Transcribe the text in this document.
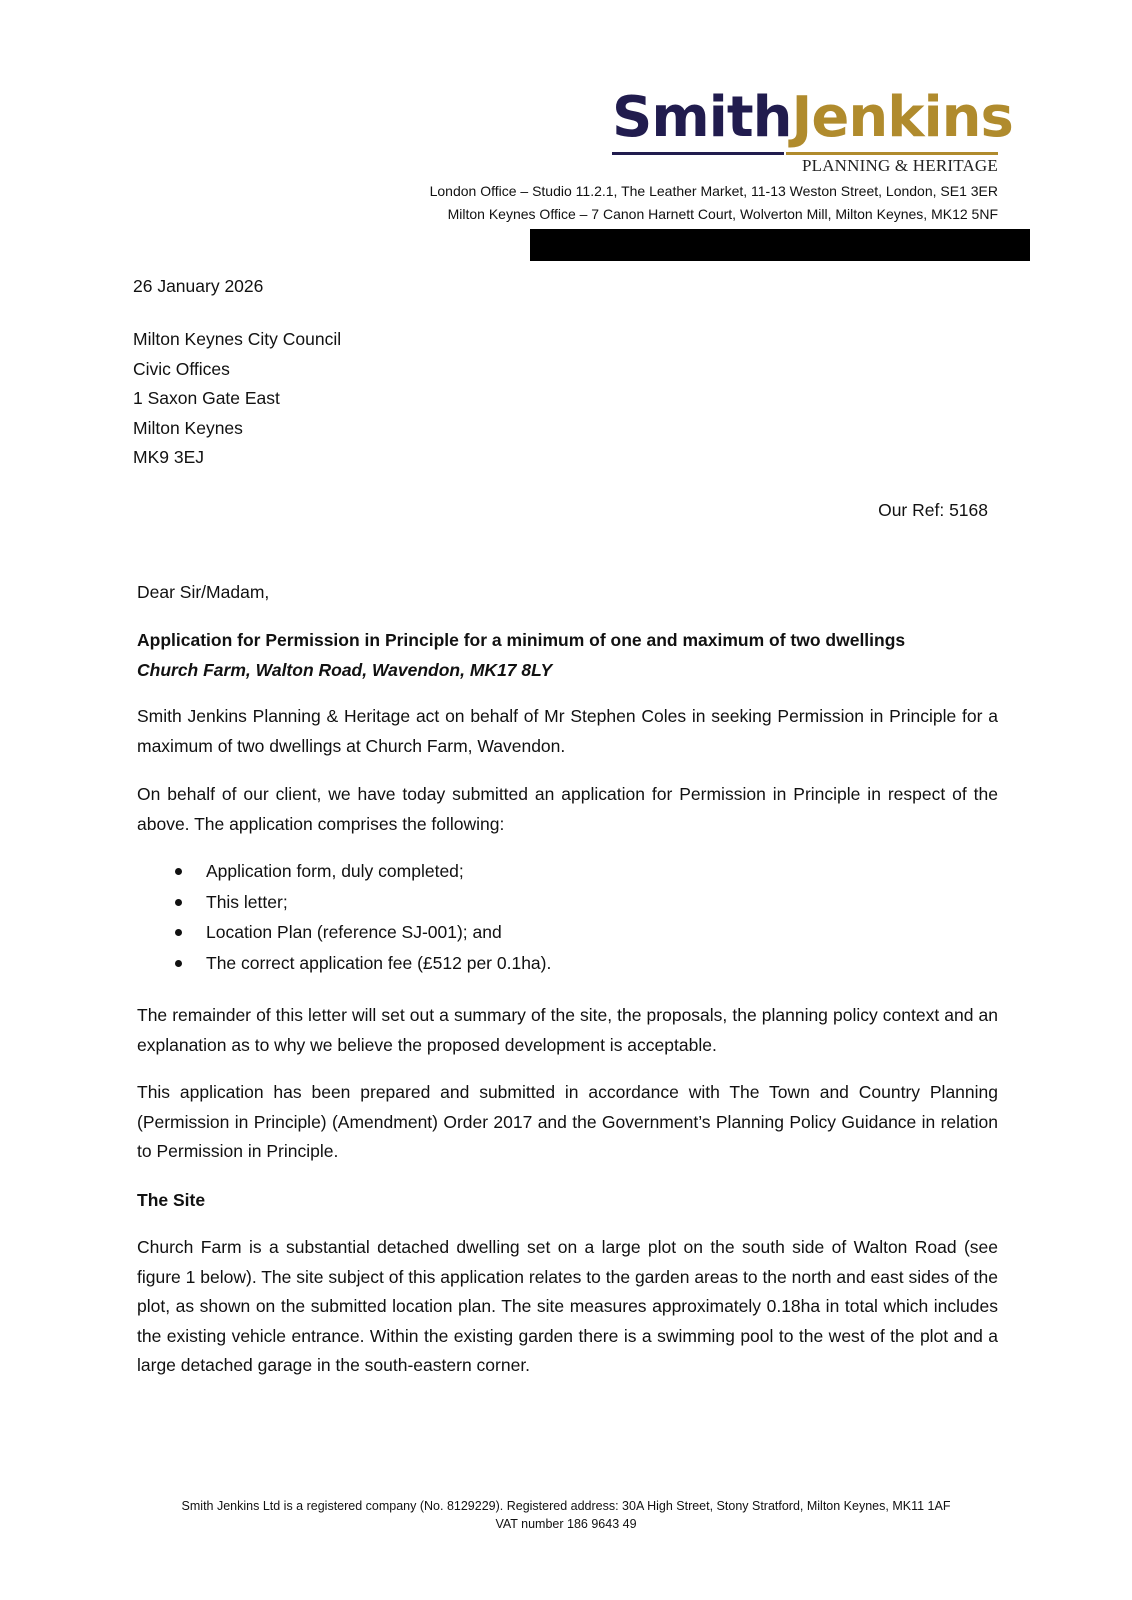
SmithJenkins
PLANNING & HERITAGE
London Office – Studio 11.2.1, The Leather Market, 11-13 Weston Street, London, SE1 3ER
Milton Keynes Office – 7 Canon Harnett Court, Wolverton Mill, Milton Keynes, MK12 5NF
26 January 2026
Milton Keynes City Council
Civic Offices
1 Saxon Gate East
Milton Keynes
MK9 3EJ
Our Ref: 5168
Dear Sir/Madam,
Application for Permission in Principle for a minimum of one and maximum of two dwellings
Church Farm, Walton Road, Wavendon, MK17 8LY
Smith Jenkins Planning & Heritage act on behalf of Mr Stephen Coles in seeking Permission in Principle for a maximum of two dwellings at Church Farm, Wavendon.
On behalf of our client, we have today submitted an application for Permission in Principle in respect of the above. The application comprises the following:
Application form, duly completed;
This letter;
Location Plan (reference SJ-001); and
The correct application fee (£512 per 0.1ha).
The remainder of this letter will set out a summary of the site, the proposals, the planning policy context and an explanation as to why we believe the proposed development is acceptable.
This application has been prepared and submitted in accordance with The Town and Country Planning (Permission in Principle) (Amendment) Order 2017 and the Government’s Planning Policy Guidance in relation to Permission in Principle.
The Site
Church Farm is a substantial detached dwelling set on a large plot on the south side of Walton Road (see figure 1 below). The site subject of this application relates to the garden areas to the north and east sides of the plot, as shown on the submitted location plan. The site measures approximately 0.18ha in total which includes the existing vehicle entrance. Within the existing garden there is a swimming pool to the west of the plot and a large detached garage in the south-eastern corner.
Smith Jenkins Ltd is a registered company (No. 8129229). Registered address: 30A High Street, Stony Stratford, Milton Keynes, MK11 1AF
VAT number 186 9643 49
